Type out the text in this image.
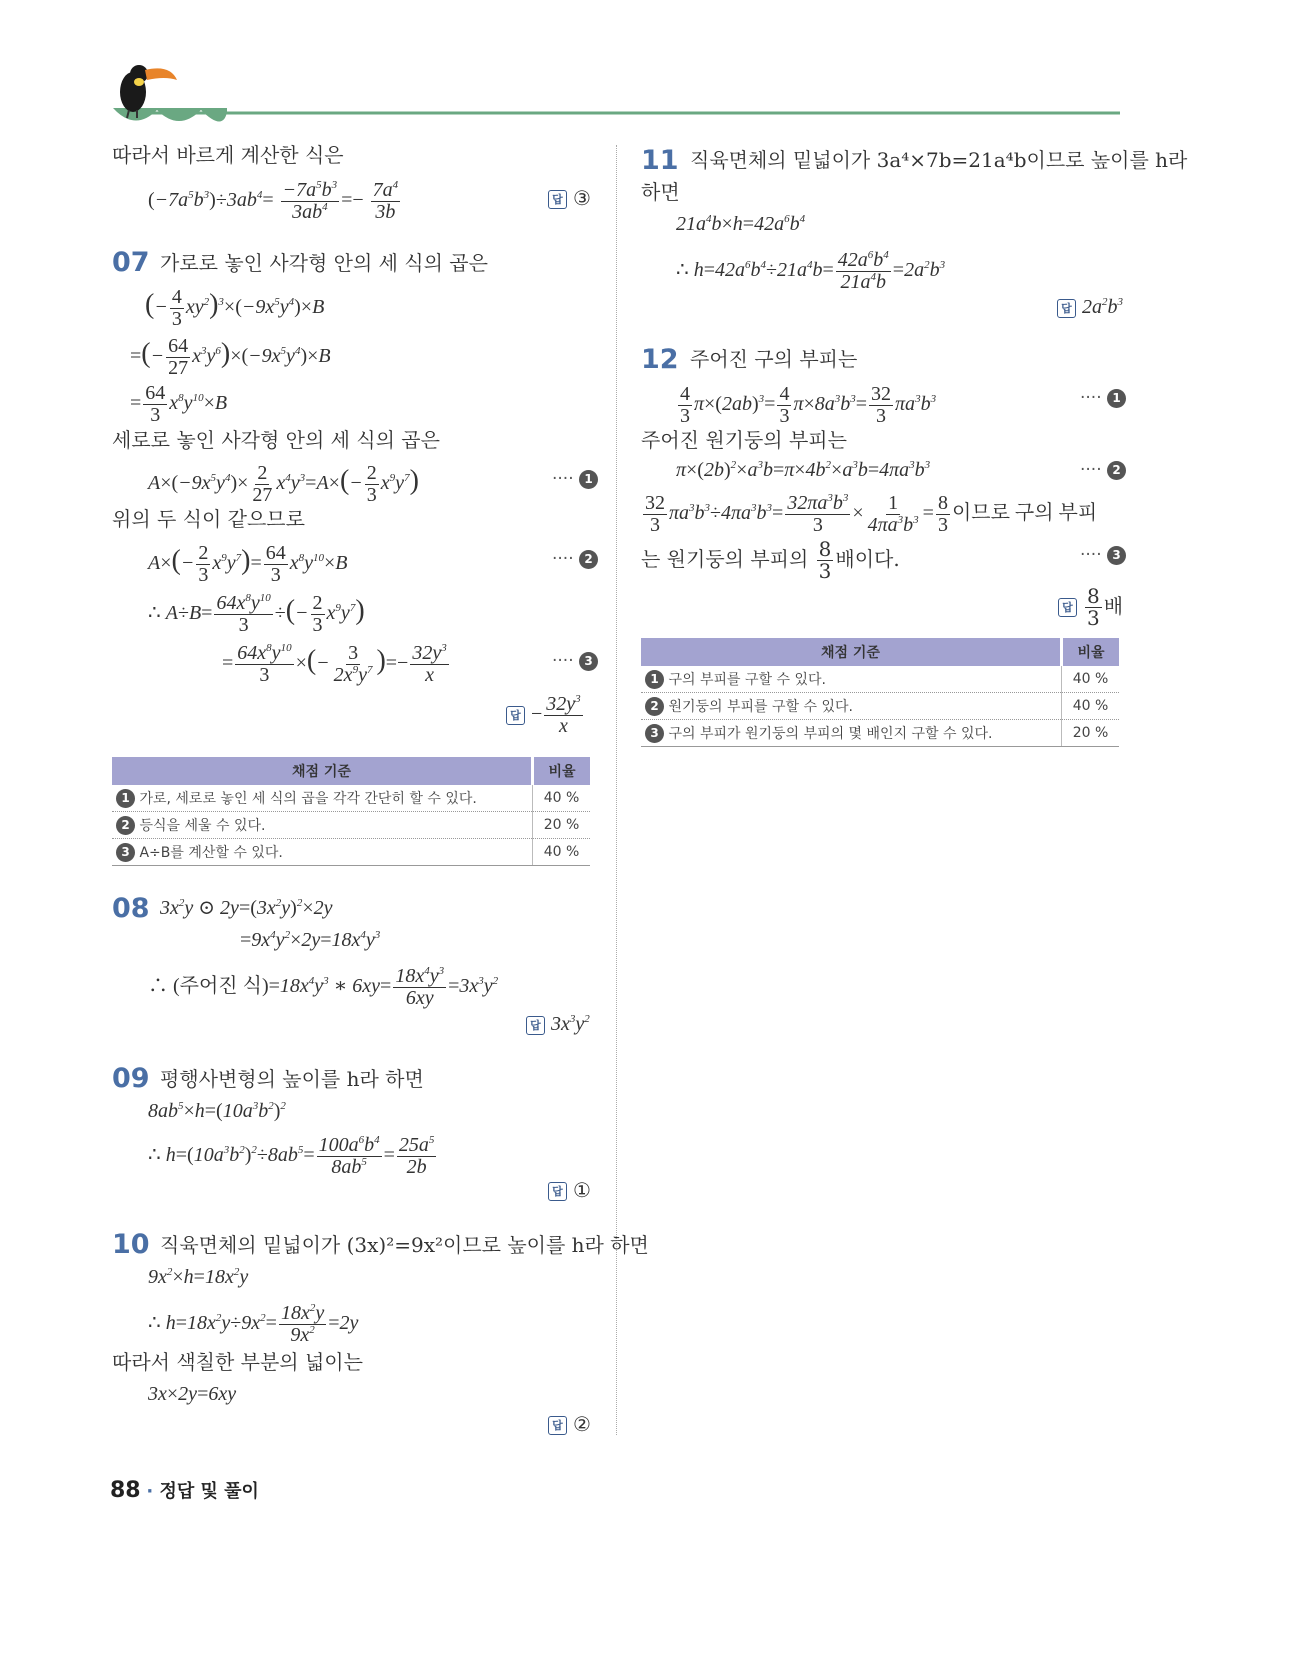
따라서 바르게 계산한 식은
$(-7a^5b^3)\div 3ab^4= \frac{-7a^5b^3}{3ab^4} =- \frac{7a^4}{3b}$	답 ③
07 가로로 놓인 사각형 안의 세 식의 곱은
(− $\frac{4}{3} xy^2)^3\times(-9x^5y^4)\times B$
=(− $\frac{64}{27} x^3y^6)\times(-9x^5y^4)\times B$
= $\frac{64}{3} x^8y^{10}\times B$
세로로 놓인 사각형 안의 세 식의 곱은
$A\times(-9x^5y^4)\times \frac{2}{27} x^4y^3=A\times(- \frac{2}{3} x^9y^7)$	···· 1
위의 두 식이 같으므로
$A\times(- \frac{2}{3} x^9y^7)= \frac{64}{3} x^8y^{10}\times B$	···· 2
∴ $A\div B= \frac{64x^8y^{10}}{3}$ ÷(− $\frac{2}{3} x^9y^7$)
= $\frac{64x^8y^{10}}{3}$ ×(− $\frac{3}{2x^9y^7}$ )=− $\frac{32y^3}{x}$	···· 3
답 − $\frac{32y^3}{x}$
채점 기준	비율
1 가로, 세로로 놓인 세 식의 곱을 각각 간단히 할 수 있다.	40 %
2 등식을 세울 수 있다.	20 %
3 A÷B를 계산할 수 있다.	40 %
08 $3x^2y$ ⊙ $2y=(3x^2y)^2\times 2y$
$=9x^4y^2\times 2y=18x^4y^3$
∴ (주어진 식)$=18x^4y^3$ ∗ $6xy= \frac{18x^4y^3}{6xy} =3x^3y^2$
답 $3x^3y^2$
09 평행사변형의 높이를 h라 하면
$8ab^5\times h=(10a^3b^2)^2$
∴ $h=(10a^3b^2)^2\div 8ab^5= \frac{100a^6b^4}{8ab^5} = \frac{25a^5}{2b}$
답 ①
10 직육면체의 밑넓이가 (3x)²=9x²이므로 높이를 h라 하면
$9x^2\times h=18x^2y$
∴ $h=18x^2y\div 9x^2= \frac{18x^2y}{9x^2} =2y$
따라서 색칠한 부분의 넓이는
3x×2y=6xy
답 ②
11 직육면체의 밑넓이가 3a⁴×7b=21a⁴b이므로 높이를 h라
하면
$21a^4b\times h=42a^6b^4$
∴ $h=42a^6b^4\div 21a^4b= \frac{42a^6b^4}{21a^4b} =2a^2b^3$
답 $2a^2b^3$
12 주어진 구의 부피는
$\frac{4}{3} \pi\times(2ab)^3= \frac{4}{3} \pi\times 8a^3b^3= \frac{32}{3} \pi a^3b^3$	···· 1
주어진 원기둥의 부피는
$\pi\times(2b)^2\times a^3b=\pi\times 4b^2\times a^3b=4\pi a^3b^3$	···· 2
$\frac{32}{3} \pi a^3b^3\div 4\pi a^3b^3= \frac{32\pi a^3b^3}{3} \times \frac{1}{4\pi a^3b^3} = \frac{8}{3}$ 이므로 구의 부피
는 원기둥의 부피의 $\frac{8}{3}$ 배이다.	···· 3
답 $\frac{8}{3}$ 배
채점 기준	비율
1 구의 부피를 구할 수 있다.	40 %
2 원기둥의 부피를 구할 수 있다.	40 %
3 구의 부피가 원기둥의 부피의 몇 배인지 구할 수 있다.	20 %
88 · 정답 및 풀이
